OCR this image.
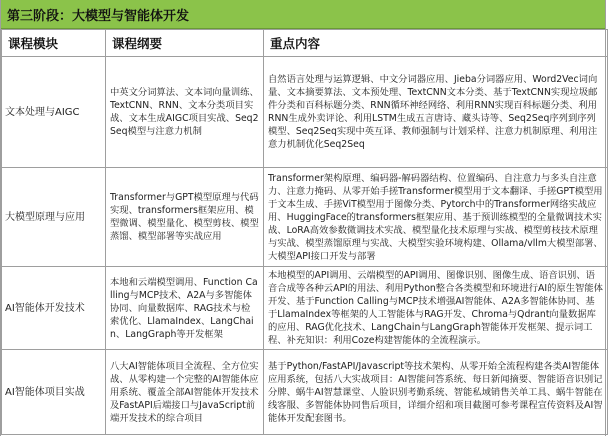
第三阶段：大模型与智能体开发
课程模块	课程纲要	重点内容
文本处理与AIGC	中英文分词算法、文本词向量训练、TextCNN、RNN、文本分类项目实战、文本生成AIGC项目实战、Seq2Seq模型与注意力机制	自然语言处理与运算逻辑、中文分词器应用、Jieba分词器应用、Word2Vec词向量、文本摘要算法、文本预处理、TextCNN文本分类、基于TextCNN实现垃圾邮件分类和百科标题分类、RNN循环神经网络、利用RNN实现百科标题分类、利用RNN生成外卖评论、利用LSTM生成五言唐诗、藏头诗等、Seq2Seq序列到序列模型、Seq2Seq实现中英互译、教师强制与计划采样、注意力机制原理、利用注意力机制优化Seq2Seq
大模型原理与应用	Transformer与GPT模型原理与代码实现、transformers框架应用、模型微调、模型量化、模型剪枝、模型蒸馏、模型部署等实战应用	Transformer架构原理、编码器-解码器结构、位置编码、自注意力与多头自注意力、注意力掩码、从零开始手搓Transformer模型用于文本翻译、手搓GPT模型用于文本生成、手搓ViT模型用于图像分类、Pytorch中的Transformer网络实战应用、HuggingFace的transformers框架应用、基于预训练模型的全量微调技术实战、LoRA高效参数微调技术实战、模型量化技术原理与实战、模型剪枝技术原理与实战、模型蒸馏原理与实战、大模型实验环境构建、Ollama/vllm大模型部署、大模型API接口开发与部署
AI智能体开发技术	本地和云端模型调用、Function Calling与MCP技术、A2A与多智能体协同、向量数据库、RAG技术与检索优化、LlamaIndex、LangChain、LangGraph等开发框架	本地模型的API调用、云端模型的API调用、图像识别、图像生成、语音识别、语音合成等各种云API的用法、利用Python整合各类模型和环境进行AI的原生智能体开发、基于Function Calling与MCP技术增强AI智能体、A2A多智能体协同、基于LlamaIndex等框架的人工智能体与RAG开发、Chroma与Qdrant向量数据库的应用、RAG优化技术、LangChain与LangGraph智能体开发框架、提示词工程、补充知识：利用Coze构建智能体的全流程演示。
AI智能体项目实战	八大AI智能体项目全流程、全方位实战、从零构建一个完整的AI智能体应用系统、覆盖全部AI智能体开发技术及FastAPI后端接口与JavaScript前端开发技术的综合项目	基于Python/FastAPI/Javascript等技术架构、从零开始全流程构建各类AI智能体应用系统，包括八大实战项目：AI智能问答系统、每日新闻摘要、智能语音识别记分牌、蜗牛AI智慧课堂、人脸识别考勤系统、智能私域销售关单工具、蜗牛智能在线客服、多智能体协同售后项目，详细介绍和项目截图可参考课程宣传资料及AI智能体开发配套图书。
